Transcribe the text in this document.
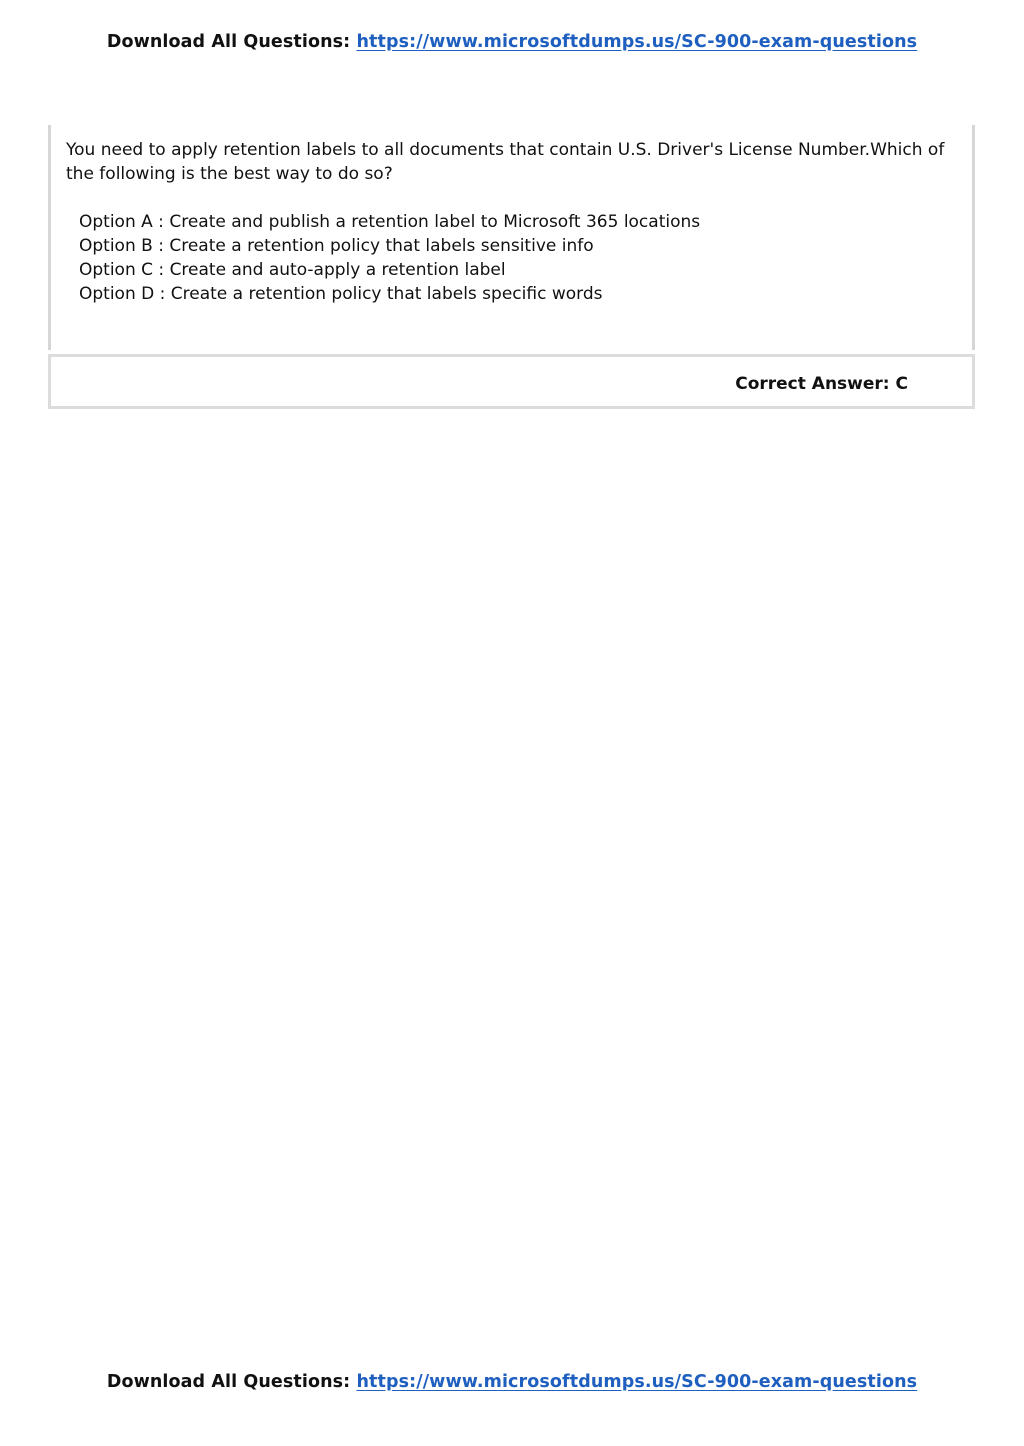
Download All Questions: https://www.microsoftdumps.us/SC-900-exam-questions
You need to apply retention labels to all documents that contain U.S. Driver's License Number.Which of the following is the best way to do so?
Option A : Create and publish a retention label to Microsoft 365 locations
Option B : Create a retention policy that labels sensitive info
Option C : Create and auto-apply a retention label
Option D : Create a retention policy that labels specific words
Correct Answer: C
Download All Questions: https://www.microsoftdumps.us/SC-900-exam-questions
